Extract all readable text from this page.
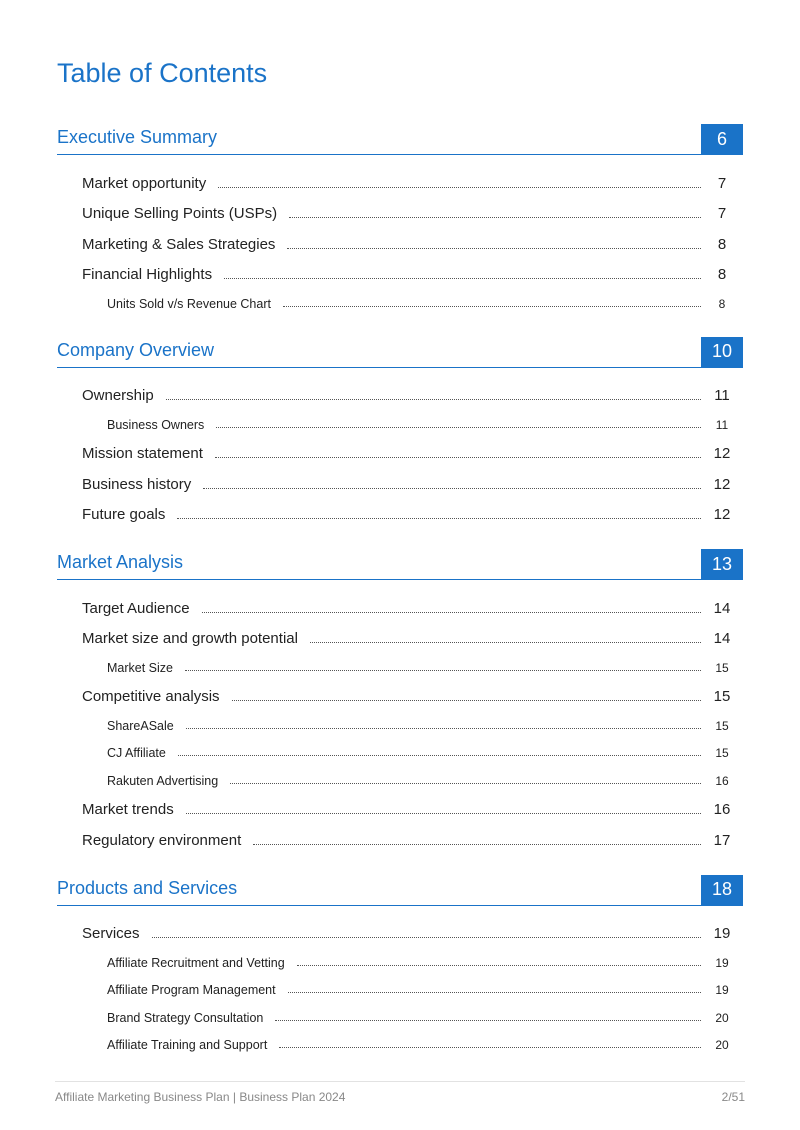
Table of Contents
Executive Summary	6
Market opportunity	7
Unique Selling Points (USPs)	7
Marketing & Sales Strategies	8
Financial Highlights	8
Units Sold v/s Revenue Chart	8
Company Overview	10
Ownership	11
Business Owners	11
Mission statement	12
Business history	12
Future goals	12
Market Analysis	13
Target Audience	14
Market size and growth potential	14
Market Size	15
Competitive analysis	15
ShareASale	15
CJ Affiliate	15
Rakuten Advertising	16
Market trends	16
Regulatory environment	17
Products and Services	18
Services	19
Affiliate Recruitment and Vetting	19
Affiliate Program Management	19
Brand Strategy Consultation	20
Affiliate Training and Support	20
Affiliate Marketing Business Plan | Business Plan 2024	2/51
